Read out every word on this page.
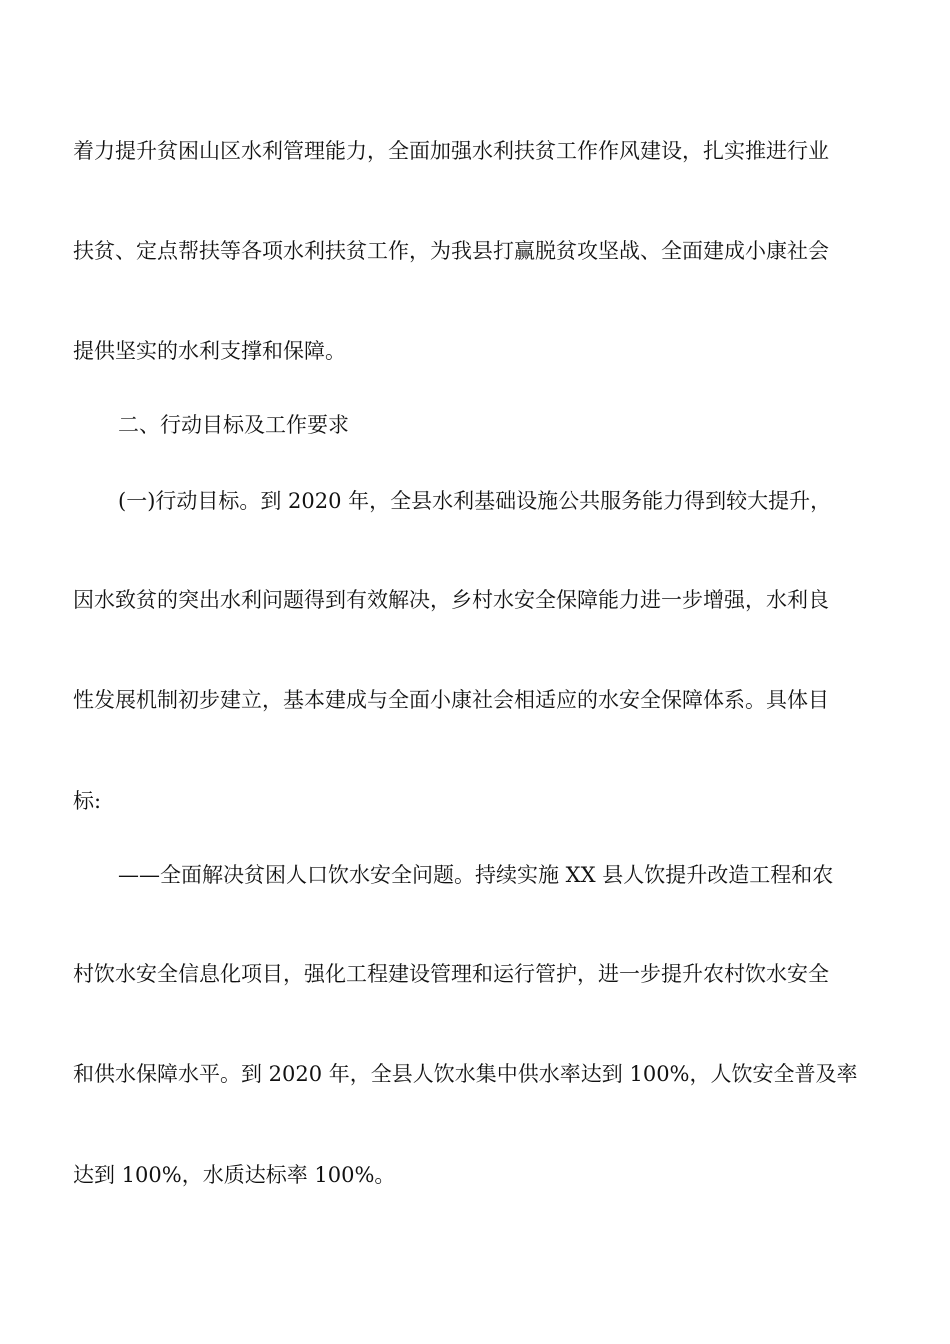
着力提升贫困山区水利管理能力，全面加强水利扶贫工作作风建设，扎实推进行业
扶贫、定点帮扶等各项水利扶贫工作，为我县打赢脱贫攻坚战、全面建成小康社会
提供坚实的水利支撑和保障。
二、行动目标及工作要求
(一)行动目标。到 2020 年，全县水利基础设施公共服务能力得到较大提升，
因水致贫的突出水利问题得到有效解决，乡村水安全保障能力进一步增强，水利良
性发展机制初步建立，基本建成与全面小康社会相适应的水安全保障体系。具体目
标:
——全面解决贫困人口饮水安全问题。持续实施 XX 县人饮提升改造工程和农
村饮水安全信息化项目，强化工程建设管理和运行管护，进一步提升农村饮水安全
和供水保障水平。到 2020 年，全县人饮水集中供水率达到 100%，人饮安全普及率
达到 100%，水质达标率 100%。
